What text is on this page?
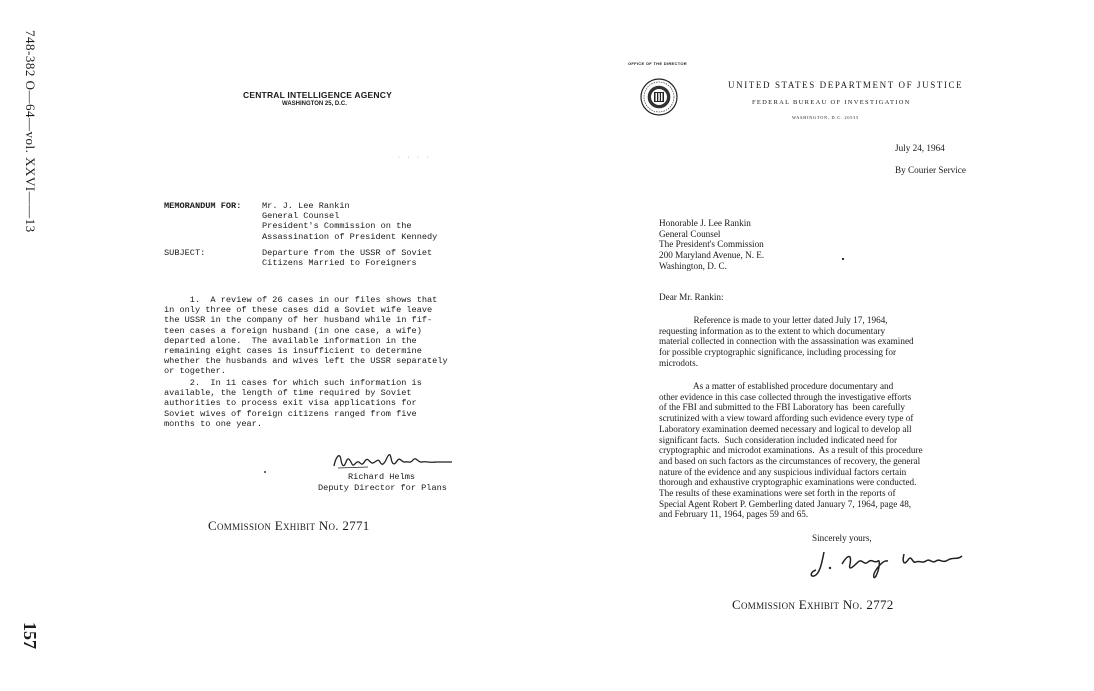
748-382 O—64—vol. XXVI——13
157
CENTRAL INTELLIGENCE AGENCY
WASHINGTON 25, D.C.
· · · ·
MEMORANDUM FOR: Mr. J. Lee Rankin
General Counsel
President's Commission on the
Assassination of President Kennedy
SUBJECT:	Departure from the USSR of Soviet
Citizens Married to Foreigners
1.  A review of 26 cases in our files shows that
in only three of these cases did a Soviet wife leave
the USSR in the company of her husband while in fif-
teen cases a foreign husband (in one case, a wife)
departed alone.  The available information in the
remaining eight cases is insufficient to determine
whether the husbands and wives left the USSR separately
or together.
2.  In 11 cases for which such information is
available, the length of time required by Soviet
authorities to process exit visa applications for
Soviet wives of foreign citizens ranged from five
months to one year.
Richard Helms
Deputy Director for Plans
Commission Exhibit No. 2771
OFFICE OF THE DIRECTOR
UNITED STATES DEPARTMENT OF JUSTICE
FEDERAL BUREAU OF INVESTIGATION
WASHINGTON, D.C. 20535
July 24, 1964
By Courier Service
Honorable J. Lee Rankin
General Counsel
The President's Commission
200 Maryland Avenue, N. E.
Washington, D. C.
Dear Mr. Rankin:
Reference is made to your letter dated July 17, 1964,
requesting information as to the extent to which documentary
material collected in connection with the assassination was examined
for possible cryptographic significance, including processing for
microdots.
As a matter of established procedure documentary and
other evidence in this case collected through the investigative efforts
of the FBI and submitted to the FBI Laboratory has  been carefully
scrutinized with a view toward affording such evidence every type of
Laboratory examination deemed necessary and logical to develop all
significant facts.  Such consideration included indicated need for
cryptographic and microdot examinations.  As a result of this procedure
and based on such factors as the circumstances of recovery, the general
nature of the evidence and any suspicious individual factors certain
thorough and exhaustive cryptographic examinations were conducted.
The results of these examinations were set forth in the reports of
Special Agent Robert P. Gemberling dated January 7, 1964, page 48,
and February 11, 1964, pages 59 and 65.
Sincerely yours,
Commission Exhibit No. 2772
